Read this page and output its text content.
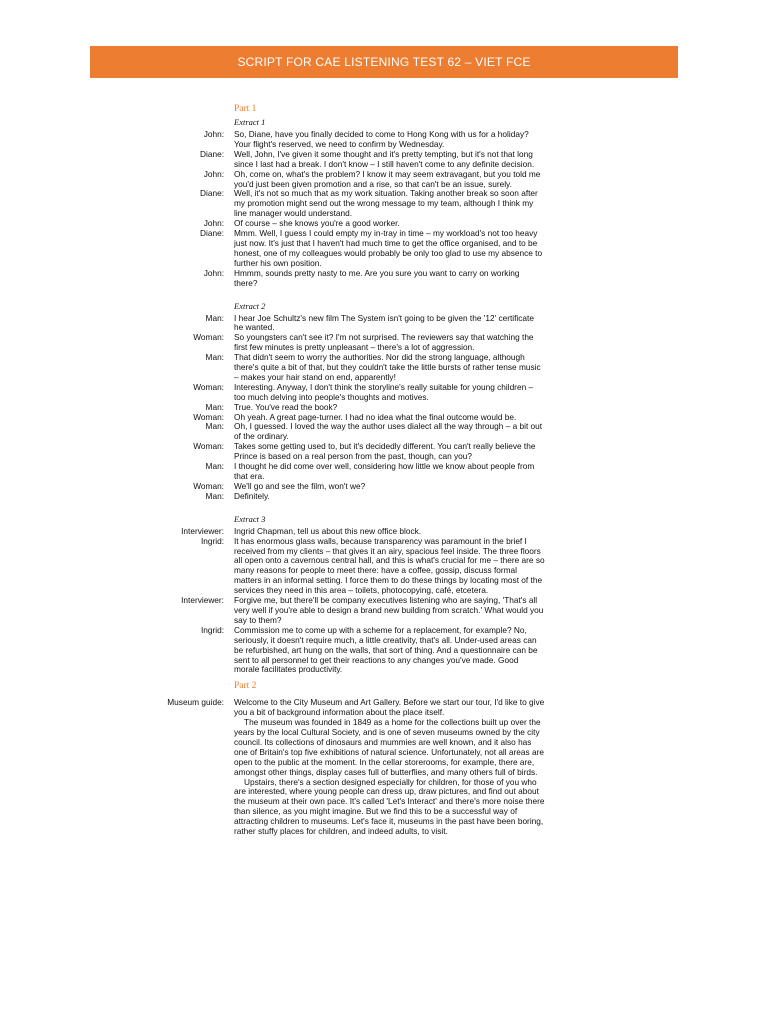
SCRIPT FOR CAE LISTENING TEST 62 – VIET FCE
Part 1
Extract 1
John: So, Diane, have you finally decided to come to Hong Kong with us for a holiday? Your flight's reserved, we need to confirm by Wednesday.
Diane: Well, John, I've given it some thought and it's pretty tempting, but it's not that long since I last had a break. I don't know – I still haven't come to any definite decision.
John: Oh, come on, what's the problem? I know it may seem extravagant, but you told me you'd just been given promotion and a rise, so that can't be an issue, surely.
Diane: Well, it's not so much that as my work situation. Taking another break so soon after my promotion might send out the wrong message to my team, although I think my line manager would understand.
John: Of course – she knows you're a good worker.
Diane: Mmm. Well, I guess I could empty my in-tray in time – my workload's not too heavy just now. It's just that I haven't had much time to get the office organised, and to be honest, one of my colleagues would probably be only too glad to use my absence to further his own position.
John: Hmmm, sounds pretty nasty to me. Are you sure you want to carry on working there?
Extract 2
Man: I hear Joe Schultz's new film The System isn't going to be given the '12' certificate he wanted.
Woman: So youngsters can't see it? I'm not surprised. The reviewers say that watching the first few minutes is pretty unpleasant – there's a lot of aggression.
Man: That didn't seem to worry the authorities. Nor did the strong language, although there's quite a bit of that, but they couldn't take the little bursts of rather tense music – makes your hair stand on end, apparently!
Woman: Interesting. Anyway, I don't think the storyline's really suitable for young children – too much delving into people's thoughts and motives.
Man: True. You've read the book?
Woman: Oh yeah. A great page-turner. I had no idea what the final outcome would be.
Man: Oh, I guessed. I loved the way the author uses dialect all the way through – a bit out of the ordinary.
Woman: Takes some getting used to, but it's decidedly different. You can't really believe the Prince is based on a real person from the past, though, can you?
Man: I thought he did come over well, considering how little we know about people from that era.
Woman: We'll go and see the film, won't we?
Man: Definitely.
Extract 3
Interviewer: Ingrid Chapman, tell us about this new office block.
Ingrid: It has enormous glass walls, because transparency was paramount in the brief I received from my clients – that gives it an airy, spacious feel inside. The three floors all open onto a cavernous central hall, and this is what's crucial for me – there are so many reasons for people to meet there: have a coffee, gossip, discuss formal matters in an informal setting. I force them to do these things by locating most of the services they need in this area – toilets, photocopying, café, etcetera.
Interviewer: Forgive me, but there'll be company executives listening who are saying, 'That's all very well if you're able to design a brand new building from scratch.' What would you say to them?
Ingrid: Commission me to come up with a scheme for a replacement, for example? No, seriously, it doesn't require much, a little creativity, that's all. Under-used areas can be refurbished, art hung on the walls, that sort of thing. And a questionnaire can be sent to all personnel to get their reactions to any changes you've made. Good morale facilitates productivity.
Part 2
Museum guide: Welcome to the City Museum and Art Gallery. Before we start our tour, I'd like to give you a bit of background information about the place itself.
The museum was founded in 1849 as a home for the collections built up over the years by the local Cultural Society, and is one of seven museums owned by the city council. Its collections of dinosaurs and mummies are well known, and it also has one of Britain's top five exhibitions of natural science. Unfortunately, not all areas are open to the public at the moment. In the cellar storerooms, for example, there are, amongst other things, display cases full of butterflies, and many others full of birds.
Upstairs, there's a section designed especially for children, for those of you who are interested, where young people can dress up, draw pictures, and find out about the museum at their own pace. It's called 'Let's Interact' and there's more noise there than silence, as you might imagine. But we find this to be a successful way of attracting children to museums. Let's face it, museums in the past have been boring, rather stuffy places for children, and indeed adults, to visit.
